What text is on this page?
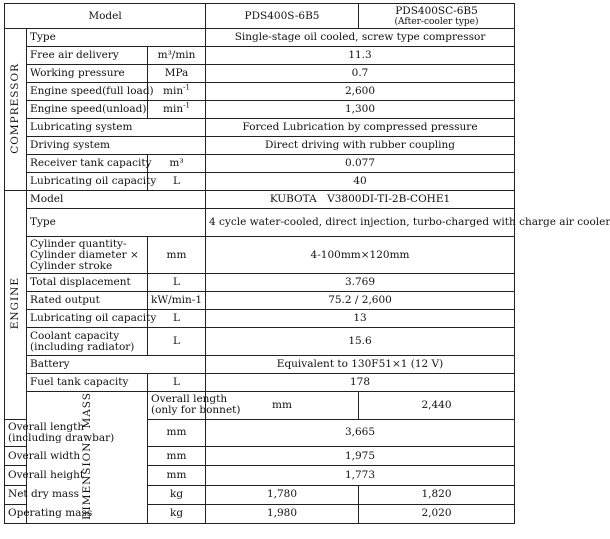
Model			PDS400S-6B5	PDS400SC-6B5
(After-cooler type)

COMPRESSOR	Type		Single-stage oil cooled, screw type compressor	
	Free air delivery	m³/min	11.3	
	Working pressure	MPa	0.7	
	Engine speed(full load)	$\min^{-1}$	2,600	
	Engine speed(unload)	$\min^{-1}$	1,300	
	Lubricating system		Forced Lubrication by compressed pressure	
	Driving system		Direct driving with rubber coupling	
	Receiver tank capacity	m³	0.077	
	Lubricating oil capacity	L	40	
ENGINE	Model		KUBOTA　V3800DI-TI-2B-COHE1	
	Type		4 cycle water-cooled, direct injection, turbo-charged with charge air cooler	

	Cylinder quantity-
Cylinder diameter ×
Cylinder stroke	mm	4-100mm×120mm	
	Total displacement	L	3.769	
	Rated output	kW/min-1	75.2 / 2,600	
	Lubricating oil capacity	L	13	

	Coolant capacity
(including radiator)	L	15.6	
	Battery		Equivalent to 130F51×1 (12 V)	
	Fuel tank capacity	L	178	
	DIMENSION · MASS	Overall length
(only for bonnet)	mm	2,440

Overall length
(including drawbar)		mm	3,665	
Overall width		mm	1,975	
Overall height		mm	1,773	
Net dry mass		kg	1,780	1,820
Operating mass		kg	1,980	2,020
